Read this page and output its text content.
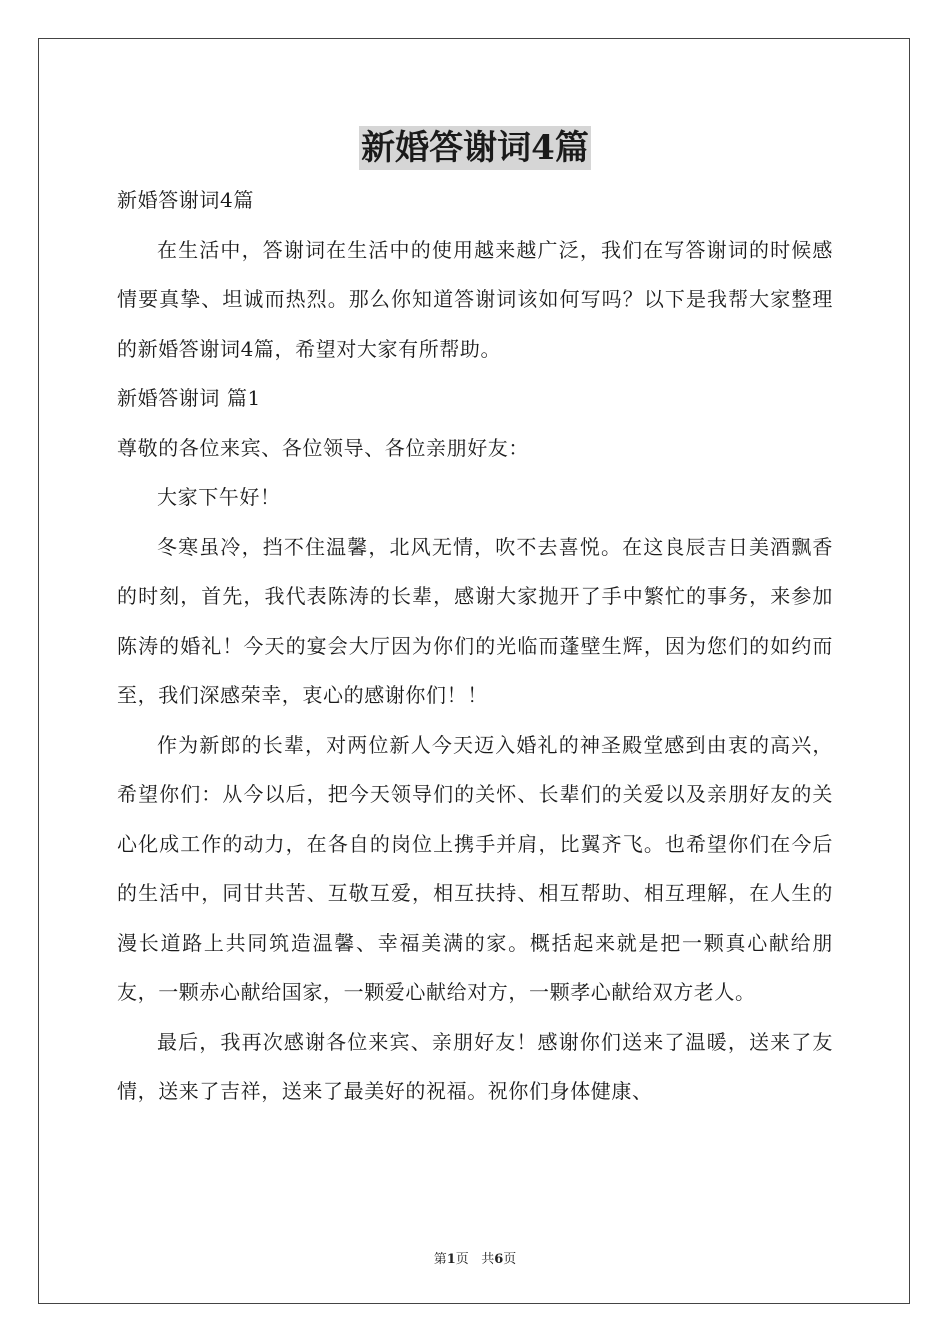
新婚答谢词4篇

新婚答谢词4篇

在生活中，答谢词在生活中的使用越来越广泛，我们在写答谢词的时候感情要真挚、坦诚而热烈。那么你知道答谢词该如何写吗？以下是我帮大家整理的新婚答谢词4篇，希望对大家有所帮助。

新婚答谢词 篇1

尊敬的各位来宾、各位领导、各位亲朋好友：

大家下午好！

冬寒虽冷，挡不住温馨，北风无情，吹不去喜悦。在这良辰吉日美酒飘香的时刻，首先，我代表陈涛的长辈，感谢大家抛开了手中繁忙的事务，来参加陈涛的婚礼！今天的宴会大厅因为你们的光临而蓬壁生辉，因为您们的如约而至，我们深感荣幸，衷心的感谢你们！！

作为新郎的长辈，对两位新人今天迈入婚礼的神圣殿堂感到由衷的高兴，希望你们：从今以后，把今天领导们的关怀、长辈们的关爱以及亲朋好友的关心化成工作的动力，在各自的岗位上携手并肩，比翼齐飞。也希望你们在今后的生活中，同甘共苦、互敬互爱，相互扶持、相互帮助、相互理解，在人生的漫长道路上共同筑造温馨、幸福美满的家。概括起来就是把一颗真心献给朋友，一颗赤心献给国家，一颗爱心献给对方，一颗孝心献给双方老人。

最后，我再次感谢各位来宾、亲朋好友！感谢你们送来了温暖，送来了友情，送来了吉祥，送来了最美好的祝福。祝你们身体健康、

第1页 共6页
